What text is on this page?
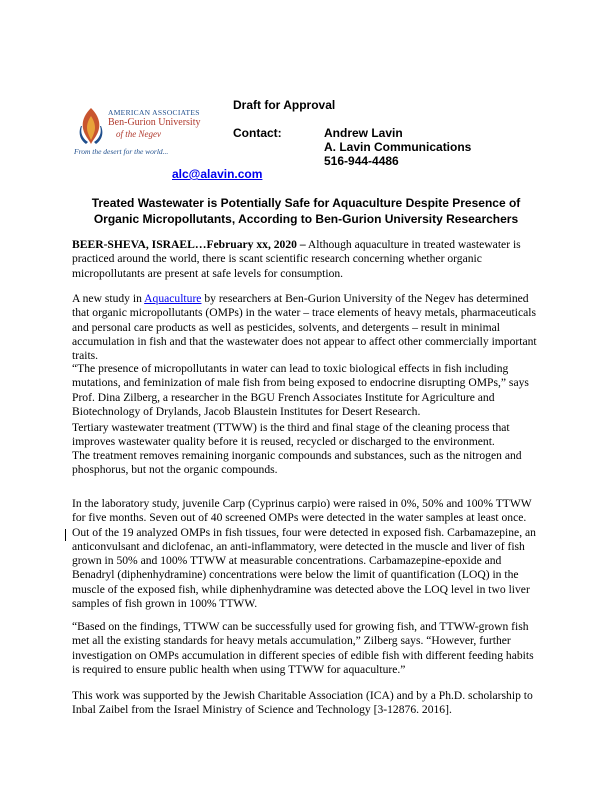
AMERICAN ASSOCIATES
Ben-Gurion University
of the Negev
From the desert for the world...
Draft for Approval
Contact:	Andrew Lavin
A. Lavin Communications
516-944-4486
alc@alavin.com
Treated Wastewater is Potentially Safe for Aquaculture Despite Presence of
Organic Micropollutants, According to Ben-Gurion University Researchers
BEER-SHEVA, ISRAEL…February xx, 2020 – Although aquaculture in treated wastewater is practiced around the world, there is scant scientific research concerning whether organic micropollutants are present at safe levels for consumption.
A new study in Aquaculture by researchers at Ben-Gurion University of the Negev has determined that organic micropollutants (OMPs) in the water – trace elements of heavy metals, pharmaceuticals and personal care products as well as pesticides, solvents, and detergents – result in minimal accumulation in fish and that the wastewater does not appear to affect other commercially important traits.
“The presence of micropollutants in water can lead to toxic biological effects in fish including mutations, and feminization of male fish from being exposed to endocrine disrupting OMPs,” says Prof. Dina Zilberg, a researcher in the BGU French Associates Institute for Agriculture and Biotechnology of Drylands, Jacob Blaustein Institutes for Desert Research.
Tertiary wastewater treatment (TTWW) is the third and final stage of the cleaning process that improves wastewater quality before it is reused, recycled or discharged to the environment.
The treatment removes remaining inorganic compounds and substances, such as the nitrogen and phosphorus, but not the organic compounds.
In the laboratory study, juvenile Carp (Cyprinus carpio) were raised in 0%, 50% and 100% TTWW for five months. Seven out of 40 screened OMPs were detected in the water samples at least once. Out of the 19 analyzed OMPs in fish tissues, four were detected in exposed fish. Carbamazepine, an anticonvulsant and diclofenac, an anti-inflammatory, were detected in the muscle and liver of fish grown in 50% and 100% TTWW at measurable concentrations. Carbamazepine-epoxide and Benadryl (diphenhydramine) concentrations were below the limit of quantification (LOQ) in the muscle of the exposed fish, while diphenhydramine was detected above the LOQ level in two liver samples of fish grown in 100% TTWW.
“Based on the findings, TTWW can be successfully used for growing fish, and TTWW-grown fish met all the existing standards for heavy metals accumulation,” Zilberg says. “However, further investigation on OMPs accumulation in different species of edible fish with different feeding habits is required to ensure public health when using TTWW for aquaculture.”
This work was supported by the Jewish Charitable Association (ICA) and by a Ph.D. scholarship to Inbal Zaibel from the Israel Ministry of Science and Technology [3-12876. 2016].
